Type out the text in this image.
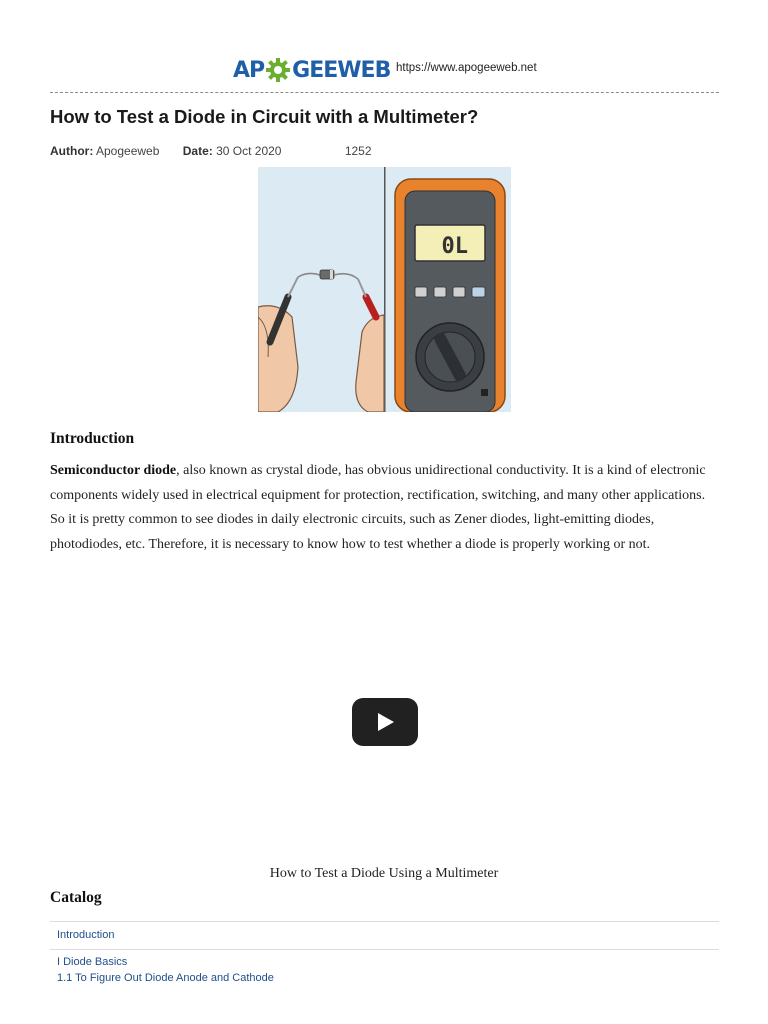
AP GEEWEB https://www.apogeeweb.net
How to Test a Diode in Circuit with a Multimeter?
Author: Apogeeweb Date: 30 Oct 2020	1252
0L
Introduction

Semiconductor diode, also known as crystal diode, has obvious unidirectional conductivity. It is a kind of electronic components widely used in electrical equipment for protection, rectification, switching, and many other applications. So it is pretty common to see diodes in daily electronic circuits, such as Zener diodes, light-emitting diodes, photodiodes, etc. Therefore, it is necessary to know how to test whether a diode is properly working or not.

How to Test a Diode Using a Multimeter
Catalog
Introduction
I Diode Basics
1.1 To Figure Out Diode Anode and Cathode
